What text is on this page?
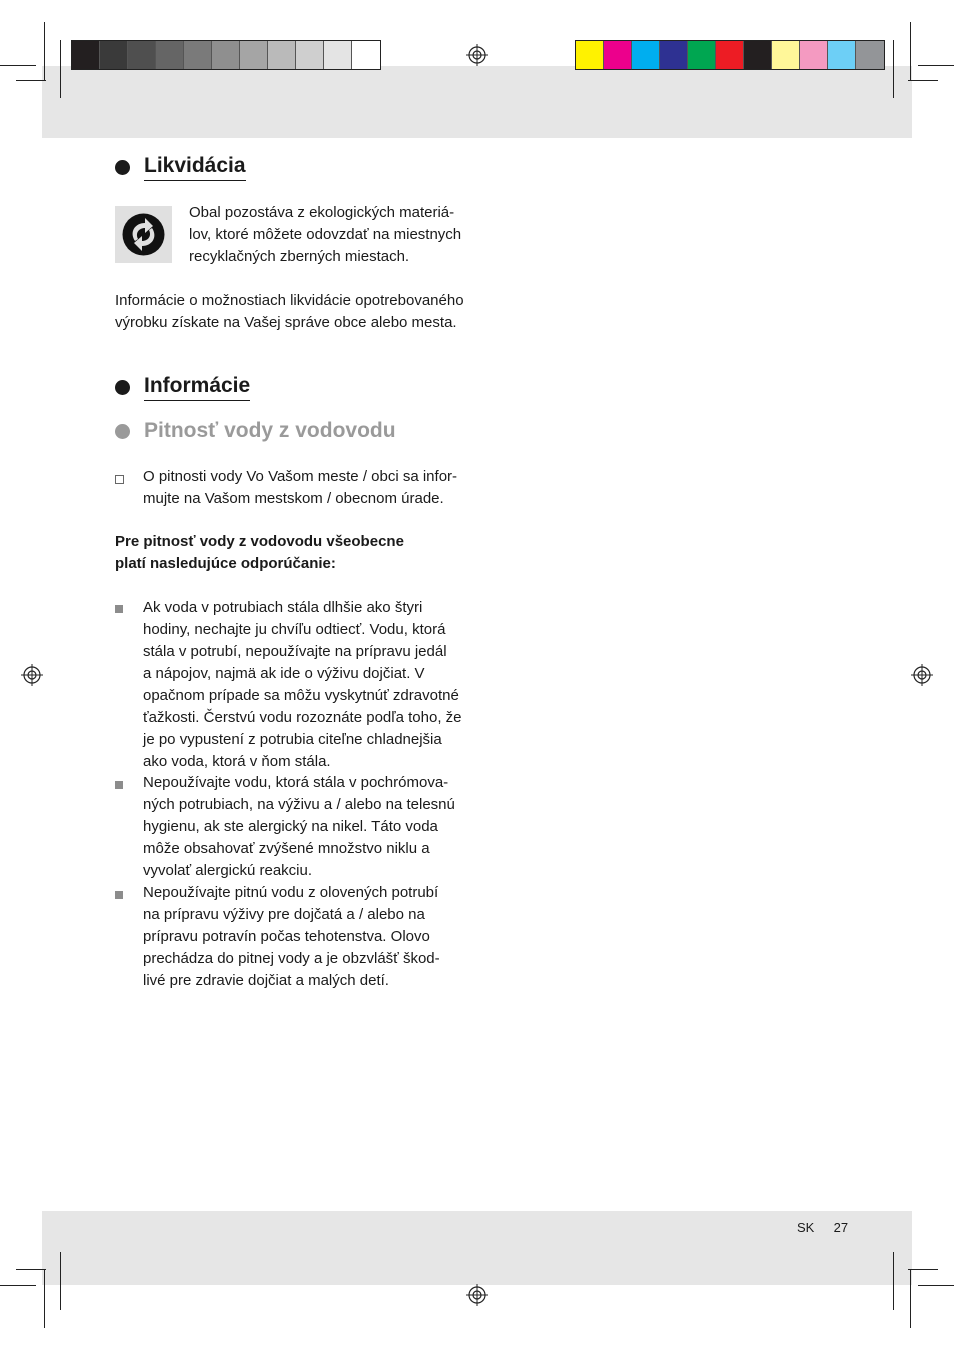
Likvidácia
Obal pozostáva z ekologických materiá-
lov, ktoré môžete odovzdať na miestnych
recyklačných zberných miestach.
Informácie o možnostiach likvidácie opotrebovaného
výrobku získate na Vašej správe obce alebo mesta.
Informácie
Pitnosť vody z vodovodu
O pitnosti vody Vo Vašom meste / obci sa infor-
mujte na Vašom mestskom / obecnom úrade.
Pre pitnosť vody z vodovodu všeobecne
platí nasledujúce odporúčanie:
Ak voda v potrubiach stála dlhšie ako štyri
hodiny, nechajte ju chvíľu odtiecť. Vodu, ktorá
stála v potrubí, nepoužívajte na prípravu jedál
a nápojov, najmä ak ide o výživu dojčiat. V
opačnom prípade sa môžu vyskytnúť zdravotné
ťažkosti. Čerstvú vodu rozoznáte podľa toho, že
je po vypustení z potrubia citeľne chladnejšia
ako voda, ktorá v ňom stála.
Nepoužívajte vodu, ktorá stála v pochrómova-
ných potrubiach, na výživu a / alebo na telesnú
hygienu, ak ste alergický na nikel. Táto voda
môže obsahovať zvýšené množstvo niklu a
vyvolať alergickú reakciu.
Nepoužívajte pitnú vodu z olovených potrubí
na prípravu výživy pre dojčatá a / alebo na
prípravu potravín počas tehotenstva. Olovo
prechádza do pitnej vody a je obzvlášť škod-
livé pre zdravie dojčiat a malých detí.
SK 27
